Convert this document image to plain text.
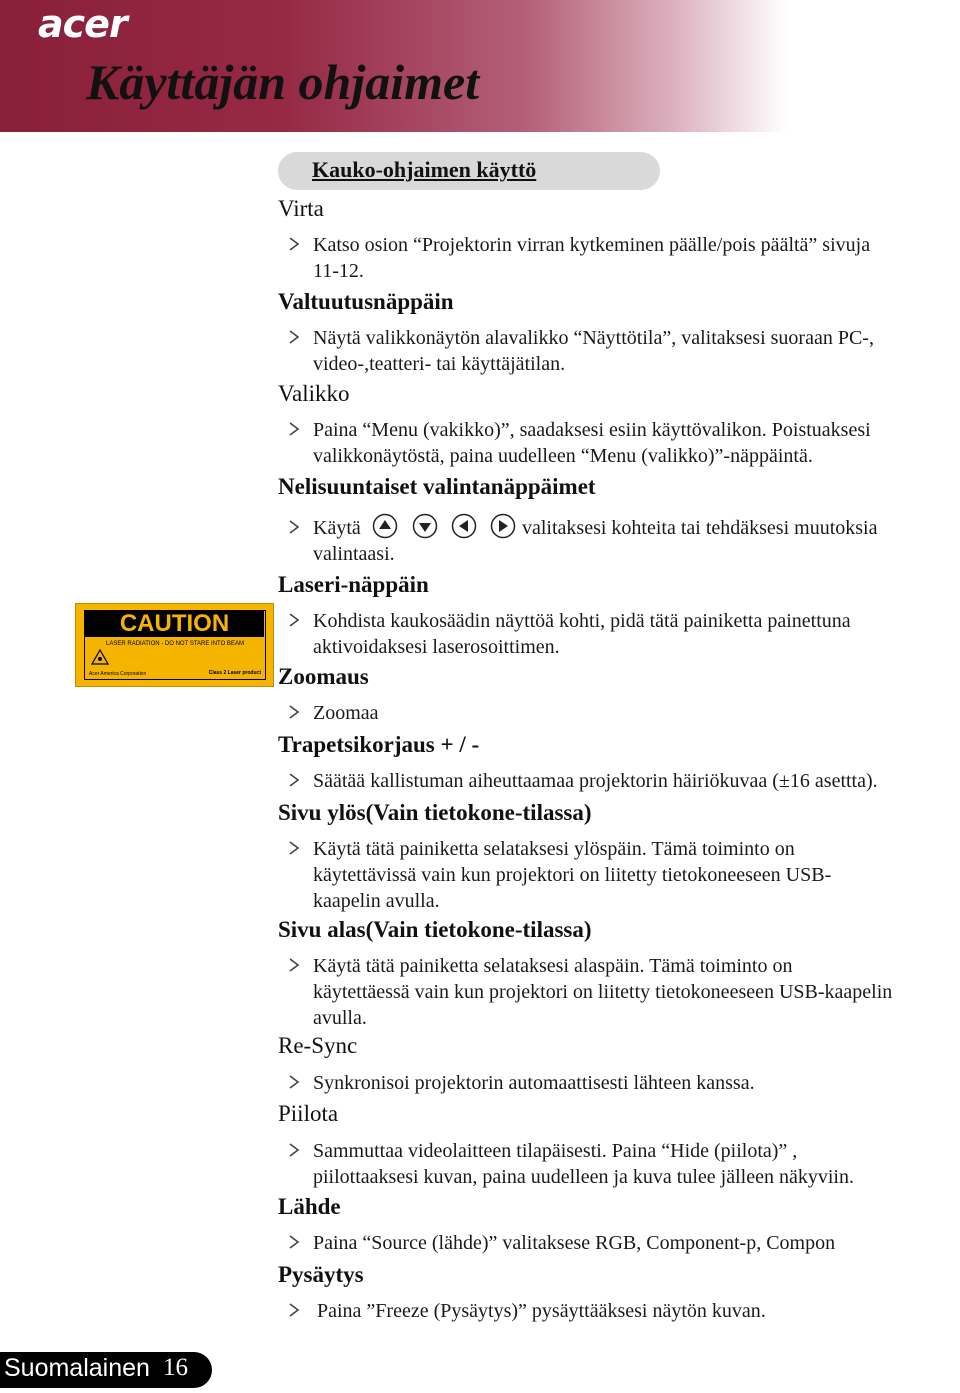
acer
Käyttäjän ohjaimet
Kauko-ohjaimen käyttö
Virta
Katso osion “Projektorin virran kytkeminen päälle/pois päältä” sivuja
11-12.
Valtuutusnäppäin
Näytä valikkonäytön alavalikko “Näyttötila”, valitaksesi suoraan PC-,
video-,teatteri- tai käyttäjätilan.
Valikko
Paina “Menu (vakikko)”, saadaksesi esiin käyttövalikon. Poistuaksesi
valikkonäytöstä, paina uudelleen “Menu (valikko)”-näppäintä.
Nelisuuntaiset valintanäppäimet
Käytä	valitaksesi kohteita tai tehdäksesi muutoksia
valintaasi.
Laseri-näppäin
Kohdista kaukosäädin näyttöä kohti, pidä tätä painiketta painettuna
aktivoidaksesi laserosoittimen.
CAUTION
LASER RADIATION - DO NOT STARE INTO BEAM
Acer America Corporation	Class 2 Laser product Zoomaus
Zoomaa
Trapetsikorjaus + / -
Säätää kallistuman aiheuttaamaa projektorin häiriökuvaa (±16 asettta).
Sivu ylös(Vain tietokone-tilassa)
Käytä tätä painiketta selataksesi ylöspäin. Tämä toiminto on
käytettävissä vain kun projektori on liitetty tietokoneeseen USB-
kaapelin avulla.
Sivu alas(Vain tietokone-tilassa)
Käytä tätä painiketta selataksesi alaspäin. Tämä toiminto on
käytettäessä vain kun projektori on liitetty tietokoneeseen USB-kaapelin
avulla.
Re-Sync
Synkronisoi projektorin automaattisesti lähteen kanssa.
Piilota
Sammuttaa videolaitteen tilapäisesti. Paina “Hide (piilota)” ,
piilottaaksesi kuvan, paina uudelleen ja kuva tulee jälleen näkyviin.
Lähde
Paina “Source (lähde)” valitaksese RGB, Component-p, Compon
Pysäytys
Paina ”Freeze (Pysäytys)” pysäyttääksesi näytön kuvan.
Suomalainen 16
